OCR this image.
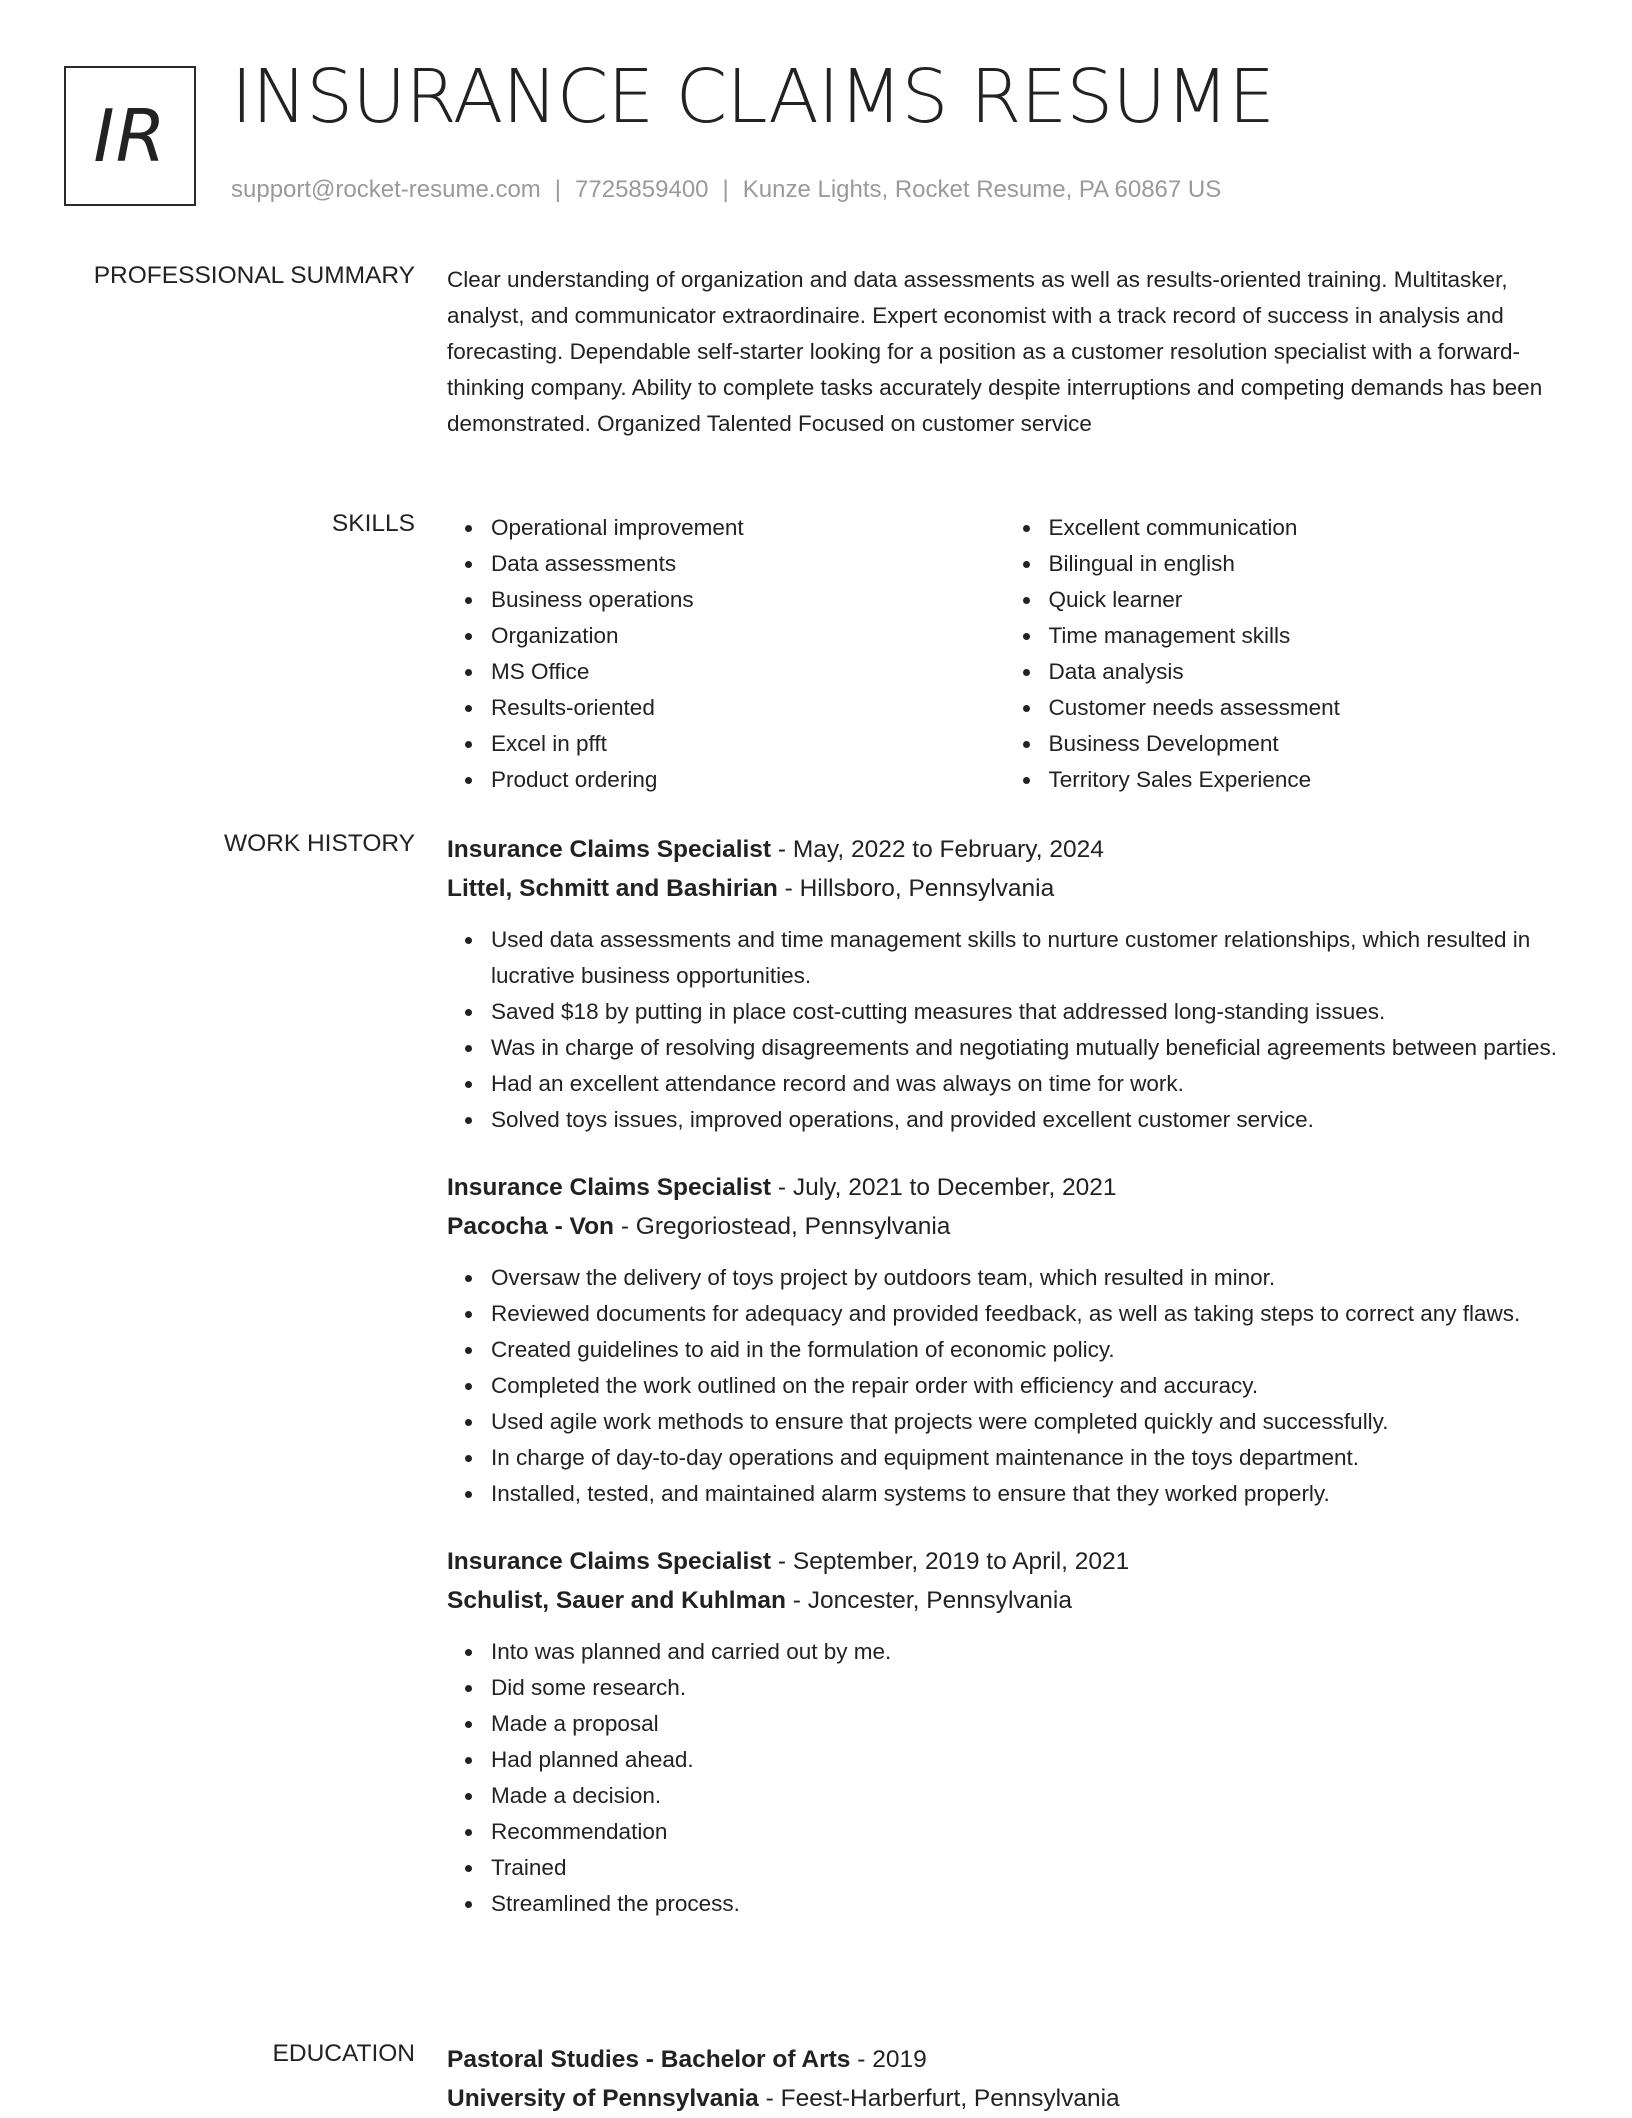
IR INSURANCE CLAIMS RESUME
support@rocket-resume.com | 7725859400 | Kunze Lights, Rocket Resume, PA 60867 US
PROFESSIONAL SUMMARY Clear understanding of organization and data assessments as well as results-oriented training. Multitasker, analyst, and communicator extraordinaire. Expert economist with a track record of success in analysis and forecasting. Dependable self-starter looking for a position as a customer resolution specialist with a forward-thinking company. Ability to complete tasks accurately despite interruptions and competing demands has been demonstrated. Organized Talented Focused on customer service

SKILLS	Operational improvement
Data assessments
Business operations
Organization
MS Office
Results-oriented
Excel in pfft
Product ordering
Excellent communication
Bilingual in english
Quick learner
Time management skills
Data analysis
Customer needs assessment
Business Development
Territory Sales Experience
WORK HISTORY Insurance Claims Specialist - May, 2022 to February, 2024
Littel, Schmitt and Bashirian - Hillsboro, Pennsylvania
Used data assessments and time management skills to nurture customer relationships, which resulted in lucrative business opportunities.
Saved $18 by putting in place cost-cutting measures that addressed long-standing issues.
Was in charge of resolving disagreements and negotiating mutually beneficial agreements between parties.
Had an excellent attendance record and was always on time for work.
Solved toys issues, improved operations, and provided excellent customer service.
Insurance Claims Specialist - July, 2021 to December, 2021
Pacocha - Von - Gregoriostead, Pennsylvania
Oversaw the delivery of toys project by outdoors team, which resulted in minor.
Reviewed documents for adequacy and provided feedback, as well as taking steps to correct any flaws.
Created guidelines to aid in the formulation of economic policy.
Completed the work outlined on the repair order with efficiency and accuracy.
Used agile work methods to ensure that projects were completed quickly and successfully.
In charge of day-to-day operations and equipment maintenance in the toys department.
Installed, tested, and maintained alarm systems to ensure that they worked properly.
Insurance Claims Specialist - September, 2019 to April, 2021
Schulist, Sauer and Kuhlman - Joncester, Pennsylvania
Into was planned and carried out by me.
Did some research.
Made a proposal
Had planned ahead.
Made a decision.
Recommendation
Trained
Streamlined the process.
EDUCATION Pastoral Studies - Bachelor of Arts - 2019
University of Pennsylvania - Feest-Harberfurt, Pennsylvania
